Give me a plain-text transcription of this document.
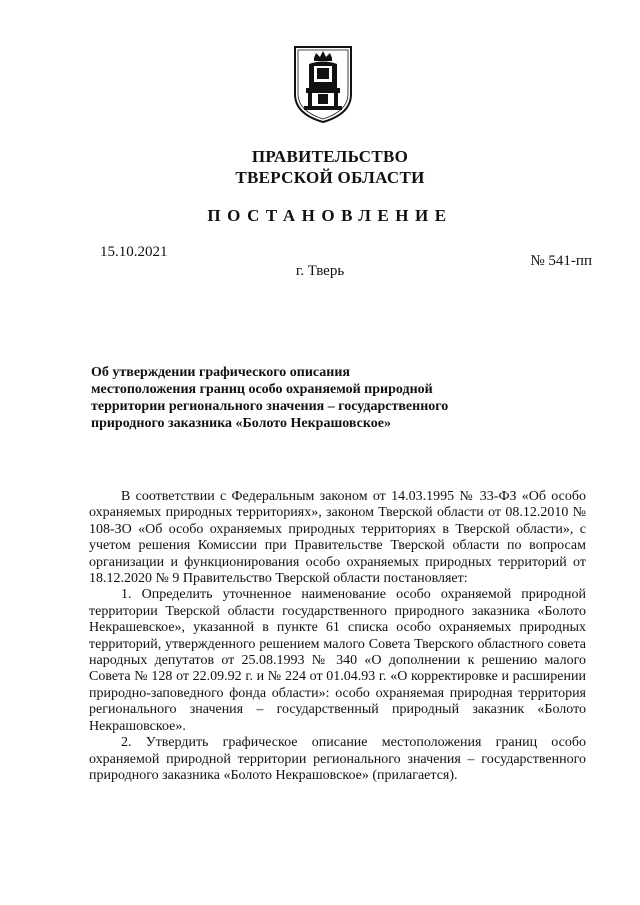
ПРАВИТЕЛЬСТВО
ТВЕРСКОЙ ОБЛАСТИ
ПОСТАНОВЛЕНИЕ
15.10.2021
№ 541-пп
г. Тверь
Об утверждении графического описания местоположения границ особо охраняемой природной территории регионального значения – государственного природного заказника «Болото Некрашовское»

В соответствии с Федеральным законом от 14.03.1995 № 33-ФЗ «Об особо охраняемых природных территориях», законом Тверской области от 08.12.2010 № 108-ЗО «Об особо охраняемых природных территориях в Тверской области», с учетом решения Комиссии при Правительстве Тверской области по вопросам организации и функционирования особо охраняемых природных территорий от 18.12.2020 № 9 Правительство Тверской области постановляет:

1. Определить уточненное наименование особо охраняемой природной территории Тверской области государственного природного заказника «Болото Некрашевское», указанной в пункте 61 списка особо охраняемых природных территорий, утвержденного решением малого Совета Тверского областного совета народных депутатов от 25.08.1993 № 340 «О дополнении к решению малого Совета № 128 от 22.09.92 г. и № 224 от 01.04.93 г. «О корректировке и расширении природно-заповедного фонда области»: особо охраняемая природная территория регионального значения – государственный природный заказник «Болото Некрашовское».

2. Утвердить графическое описание местоположения границ особо охраняемой природной территории регионального значения – государственного природного заказника «Болото Некрашовское» (прилагается).
